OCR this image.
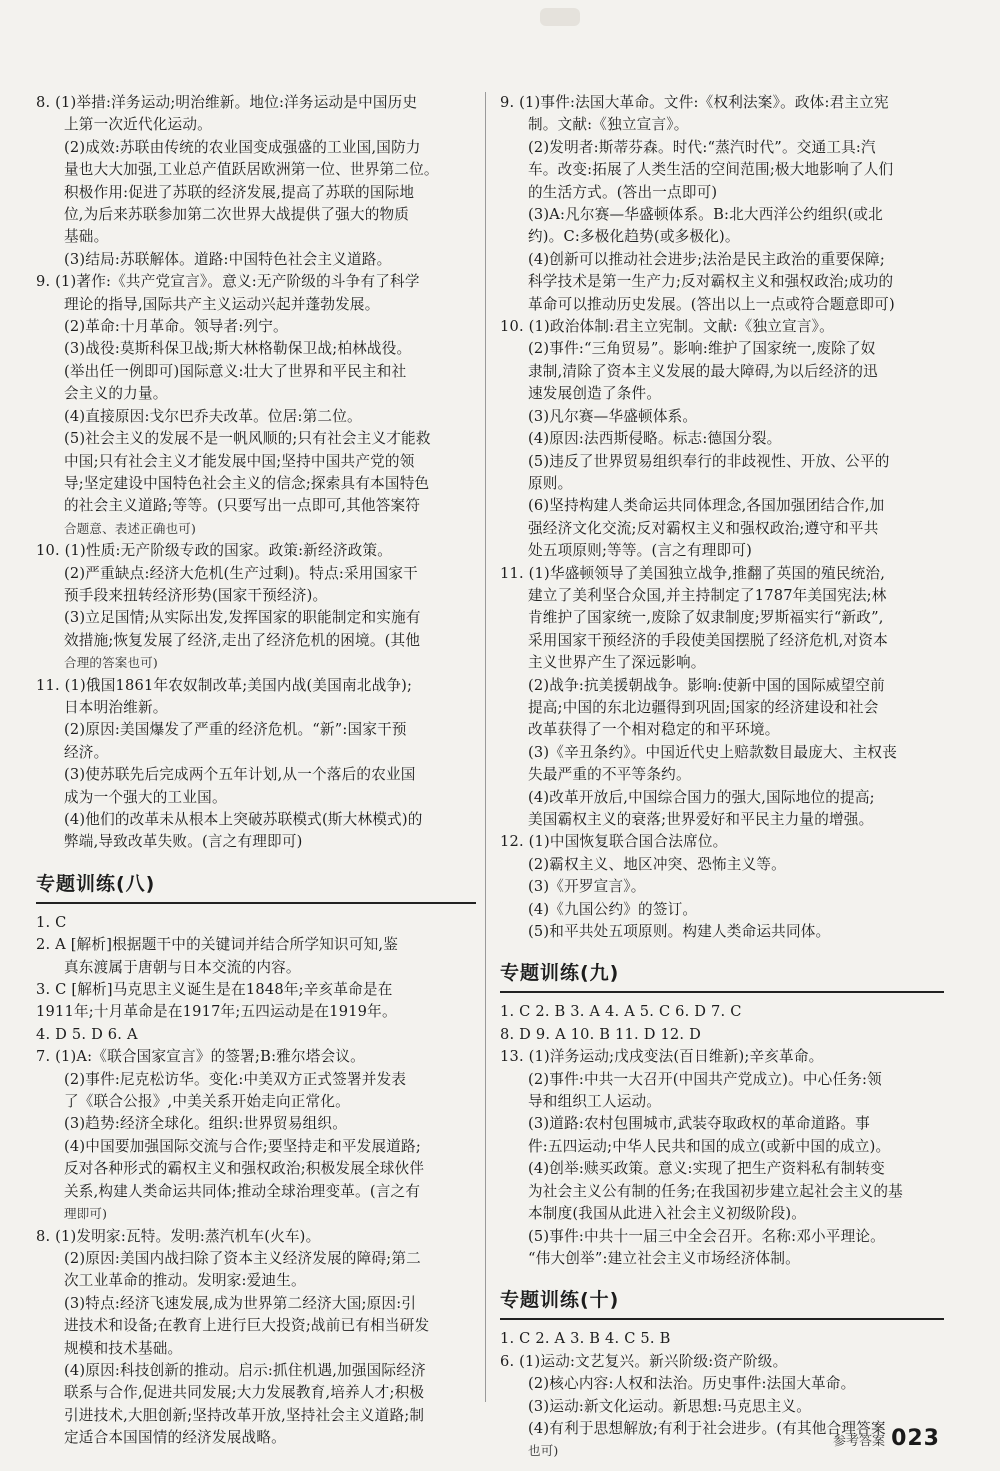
8. (1)举措:洋务运动;明治维新。地位:洋务运动是中国历史
上第一次近代化运动。
(2)成效:苏联由传统的农业国变成强盛的工业国,国防力
量也大大加强,工业总产值跃居欧洲第一位、世界第二位。
积极作用:促进了苏联的经济发展,提高了苏联的国际地
位,为后来苏联参加第二次世界大战提供了强大的物质
基础。
(3)结局:苏联解体。道路:中国特色社会主义道路。
9. (1)著作:《共产党宣言》。意义:无产阶级的斗争有了科学
理论的指导,国际共产主义运动兴起并蓬勃发展。
(2)革命:十月革命。领导者:列宁。
(3)战役:莫斯科保卫战;斯大林格勒保卫战;柏林战役。
(举出任一例即可)国际意义:壮大了世界和平民主和社
会主义的力量。
(4)直接原因:戈尔巴乔夫改革。位居:第二位。
(5)社会主义的发展不是一帆风顺的;只有社会主义才能救
中国;只有社会主义才能发展中国;坚持中国共产党的领
导;坚定建设中国特色社会主义的信念;探索具有本国特色
的社会主义道路;等等。(只要写出一点即可,其他答案符
合题意、表述正确也可)
10. (1)性质:无产阶级专政的国家。政策:新经济政策。
(2)严重缺点:经济大危机(生产过剩)。特点:采用国家干
预手段来扭转经济形势(国家干预经济)。
(3)立足国情;从实际出发,发挥国家的职能制定和实施有
效措施;恢复发展了经济,走出了经济危机的困境。(其他
合理的答案也可)
11. (1)俄国1861年农奴制改革;美国内战(美国南北战争);
日本明治维新。
(2)原因:美国爆发了严重的经济危机。“新”:国家干预
经济。
(3)使苏联先后完成两个五年计划,从一个落后的农业国
成为一个强大的工业国。
(4)他们的改革未从根本上突破苏联模式(斯大林模式)的
弊端,导致改革失败。(言之有理即可)
专题训练(八)
1. C
2. A [解析]根据题干中的关键词并结合所学知识可知,鉴
真东渡属于唐朝与日本交流的内容。
3. C [解析]马克思主义诞生是在1848年;辛亥革命是在
1911年;十月革命是在1917年;五四运动是在1919年。
4. D 5. D 6. A
7. (1)A:《联合国家宣言》的签署;B:雅尔塔会议。
(2)事件:尼克松访华。变化:中美双方正式签署并发表
了《联合公报》,中美关系开始走向正常化。
(3)趋势:经济全球化。组织:世界贸易组织。
(4)中国要加强国际交流与合作;要坚持走和平发展道路;
反对各种形式的霸权主义和强权政治;积极发展全球伙伴
关系,构建人类命运共同体;推动全球治理变革。(言之有
理即可)
8. (1)发明家:瓦特。发明:蒸汽机车(火车)。
(2)原因:美国内战扫除了资本主义经济发展的障碍;第二
次工业革命的推动。发明家:爱迪生。
(3)特点:经济飞速发展,成为世界第二经济大国;原因:引
进技术和设备;在教育上进行巨大投资;战前已有相当研发
规模和技术基础。
(4)原因:科技创新的推动。启示:抓住机遇,加强国际经济
联系与合作,促进共同发展;大力发展教育,培养人才;积极
引进技术,大胆创新;坚持改革开放,坚持社会主义道路;制
定适合本国国情的经济发展战略。
9. (1)事件:法国大革命。文件:《权利法案》。政体:君主立宪
制。文献:《独立宣言》。
(2)发明者:斯蒂芬森。时代:“蒸汽时代”。交通工具:汽
车。改变:拓展了人类生活的空间范围;极大地影响了人们
的生活方式。(答出一点即可)
(3)A:凡尔赛—华盛顿体系。B:北大西洋公约组织(或北
约)。C:多极化趋势(或多极化)。
(4)创新可以推动社会进步;法治是民主政治的重要保障;
科学技术是第一生产力;反对霸权主义和强权政治;成功的
革命可以推动历史发展。(答出以上一点或符合题意即可)
10. (1)政治体制:君主立宪制。文献:《独立宣言》。
(2)事件:“三角贸易”。影响:维护了国家统一,废除了奴
隶制,清除了资本主义发展的最大障碍,为以后经济的迅
速发展创造了条件。
(3)凡尔赛—华盛顿体系。
(4)原因:法西斯侵略。标志:德国分裂。
(5)违反了世界贸易组织奉行的非歧视性、开放、公平的
原则。
(6)坚持构建人类命运共同体理念,各国加强团结合作,加
强经济文化交流;反对霸权主义和强权政治;遵守和平共
处五项原则;等等。(言之有理即可)
11. (1)华盛顿领导了美国独立战争,推翻了英国的殖民统治,
建立了美利坚合众国,并主持制定了1787年美国宪法;林
肯维护了国家统一,废除了奴隶制度;罗斯福实行“新政”,
采用国家干预经济的手段使美国摆脱了经济危机,对资本
主义世界产生了深远影响。
(2)战争:抗美援朝战争。影响:使新中国的国际威望空前
提高;中国的东北边疆得到巩固;国家的经济建设和社会
改革获得了一个相对稳定的和平环境。
(3)《辛丑条约》。中国近代史上赔款数目最庞大、主权丧
失最严重的不平等条约。
(4)改革开放后,中国综合国力的强大,国际地位的提高;
美国霸权主义的衰落;世界爱好和平民主力量的增强。
12. (1)中国恢复联合国合法席位。
(2)霸权主义、地区冲突、恐怖主义等。
(3)《开罗宣言》。
(4)《九国公约》的签订。
(5)和平共处五项原则。构建人类命运共同体。
专题训练(九)
1. C 2. B 3. A 4. A 5. C 6. D 7. C
8. D 9. A 10. B 11. D 12. D
13. (1)洋务运动;戊戌变法(百日维新);辛亥革命。
(2)事件:中共一大召开(中国共产党成立)。中心任务:领
导和组织工人运动。
(3)道路:农村包围城市,武装夺取政权的革命道路。事
件:五四运动;中华人民共和国的成立(或新中国的成立)。
(4)创举:赎买政策。意义:实现了把生产资料私有制转变
为社会主义公有制的任务;在我国初步建立起社会主义的基
本制度(我国从此进入社会主义初级阶段)。
(5)事件:中共十一届三中全会召开。名称:邓小平理论。
“伟大创举”:建立社会主义市场经济体制。
专题训练(十)
1. C 2. A 3. B 4. C 5. B
6. (1)运动:文艺复兴。新兴阶级:资产阶级。
(2)核心内容:人权和法治。历史事件:法国大革命。
(3)运动:新文化运动。新思想:马克思主义。
(4)有利于思想解放;有利于社会进步。(有其他合理答案
也可)
参考答案 023
